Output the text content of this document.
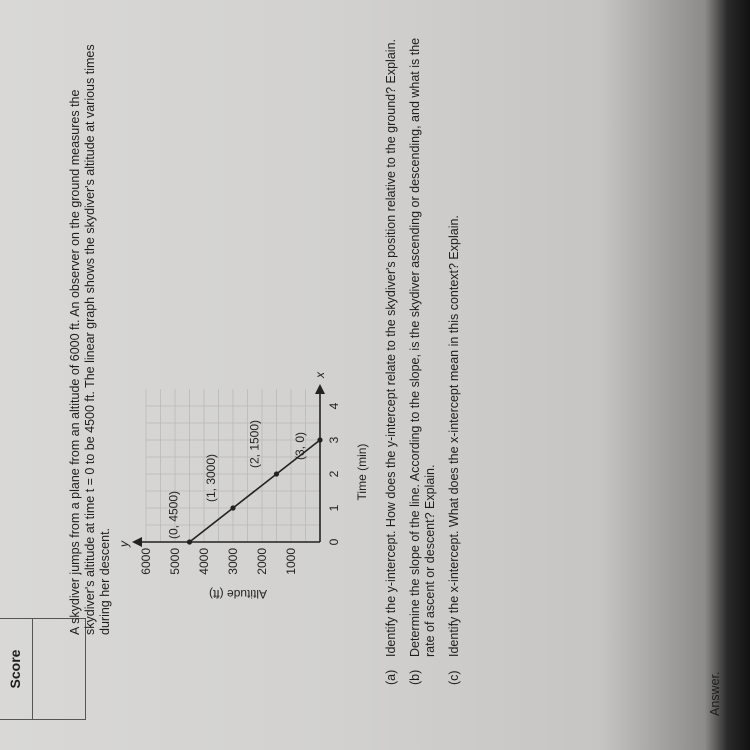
Score
A skydiver jumps from a plane from an altitude of 6000 ft. An observer on the ground measures the skydiver's altitude at time t = 0 to be 4500 ft. The linear graph shows the skydiver's altitude at various times during her descent.
x
y	0
1
2
3
4
1000
2000
3000
4000
5000
6000
(0, 4500)
(1, 3000)
(2, 1500)	(3, 0)	Time (min)
Altitude (ft)
(a)
Identify the y-intercept. How does the y-intercept relate to the skydiver's position relative to the ground? Explain.
(b)
Determine the slope of the line. According to the slope, is the skydiver ascending or descending, and what is the rate of ascent or descent? Explain.
(c)
Identify the x-intercept. What does the x-intercept mean in this context? Explain.
Answer.
